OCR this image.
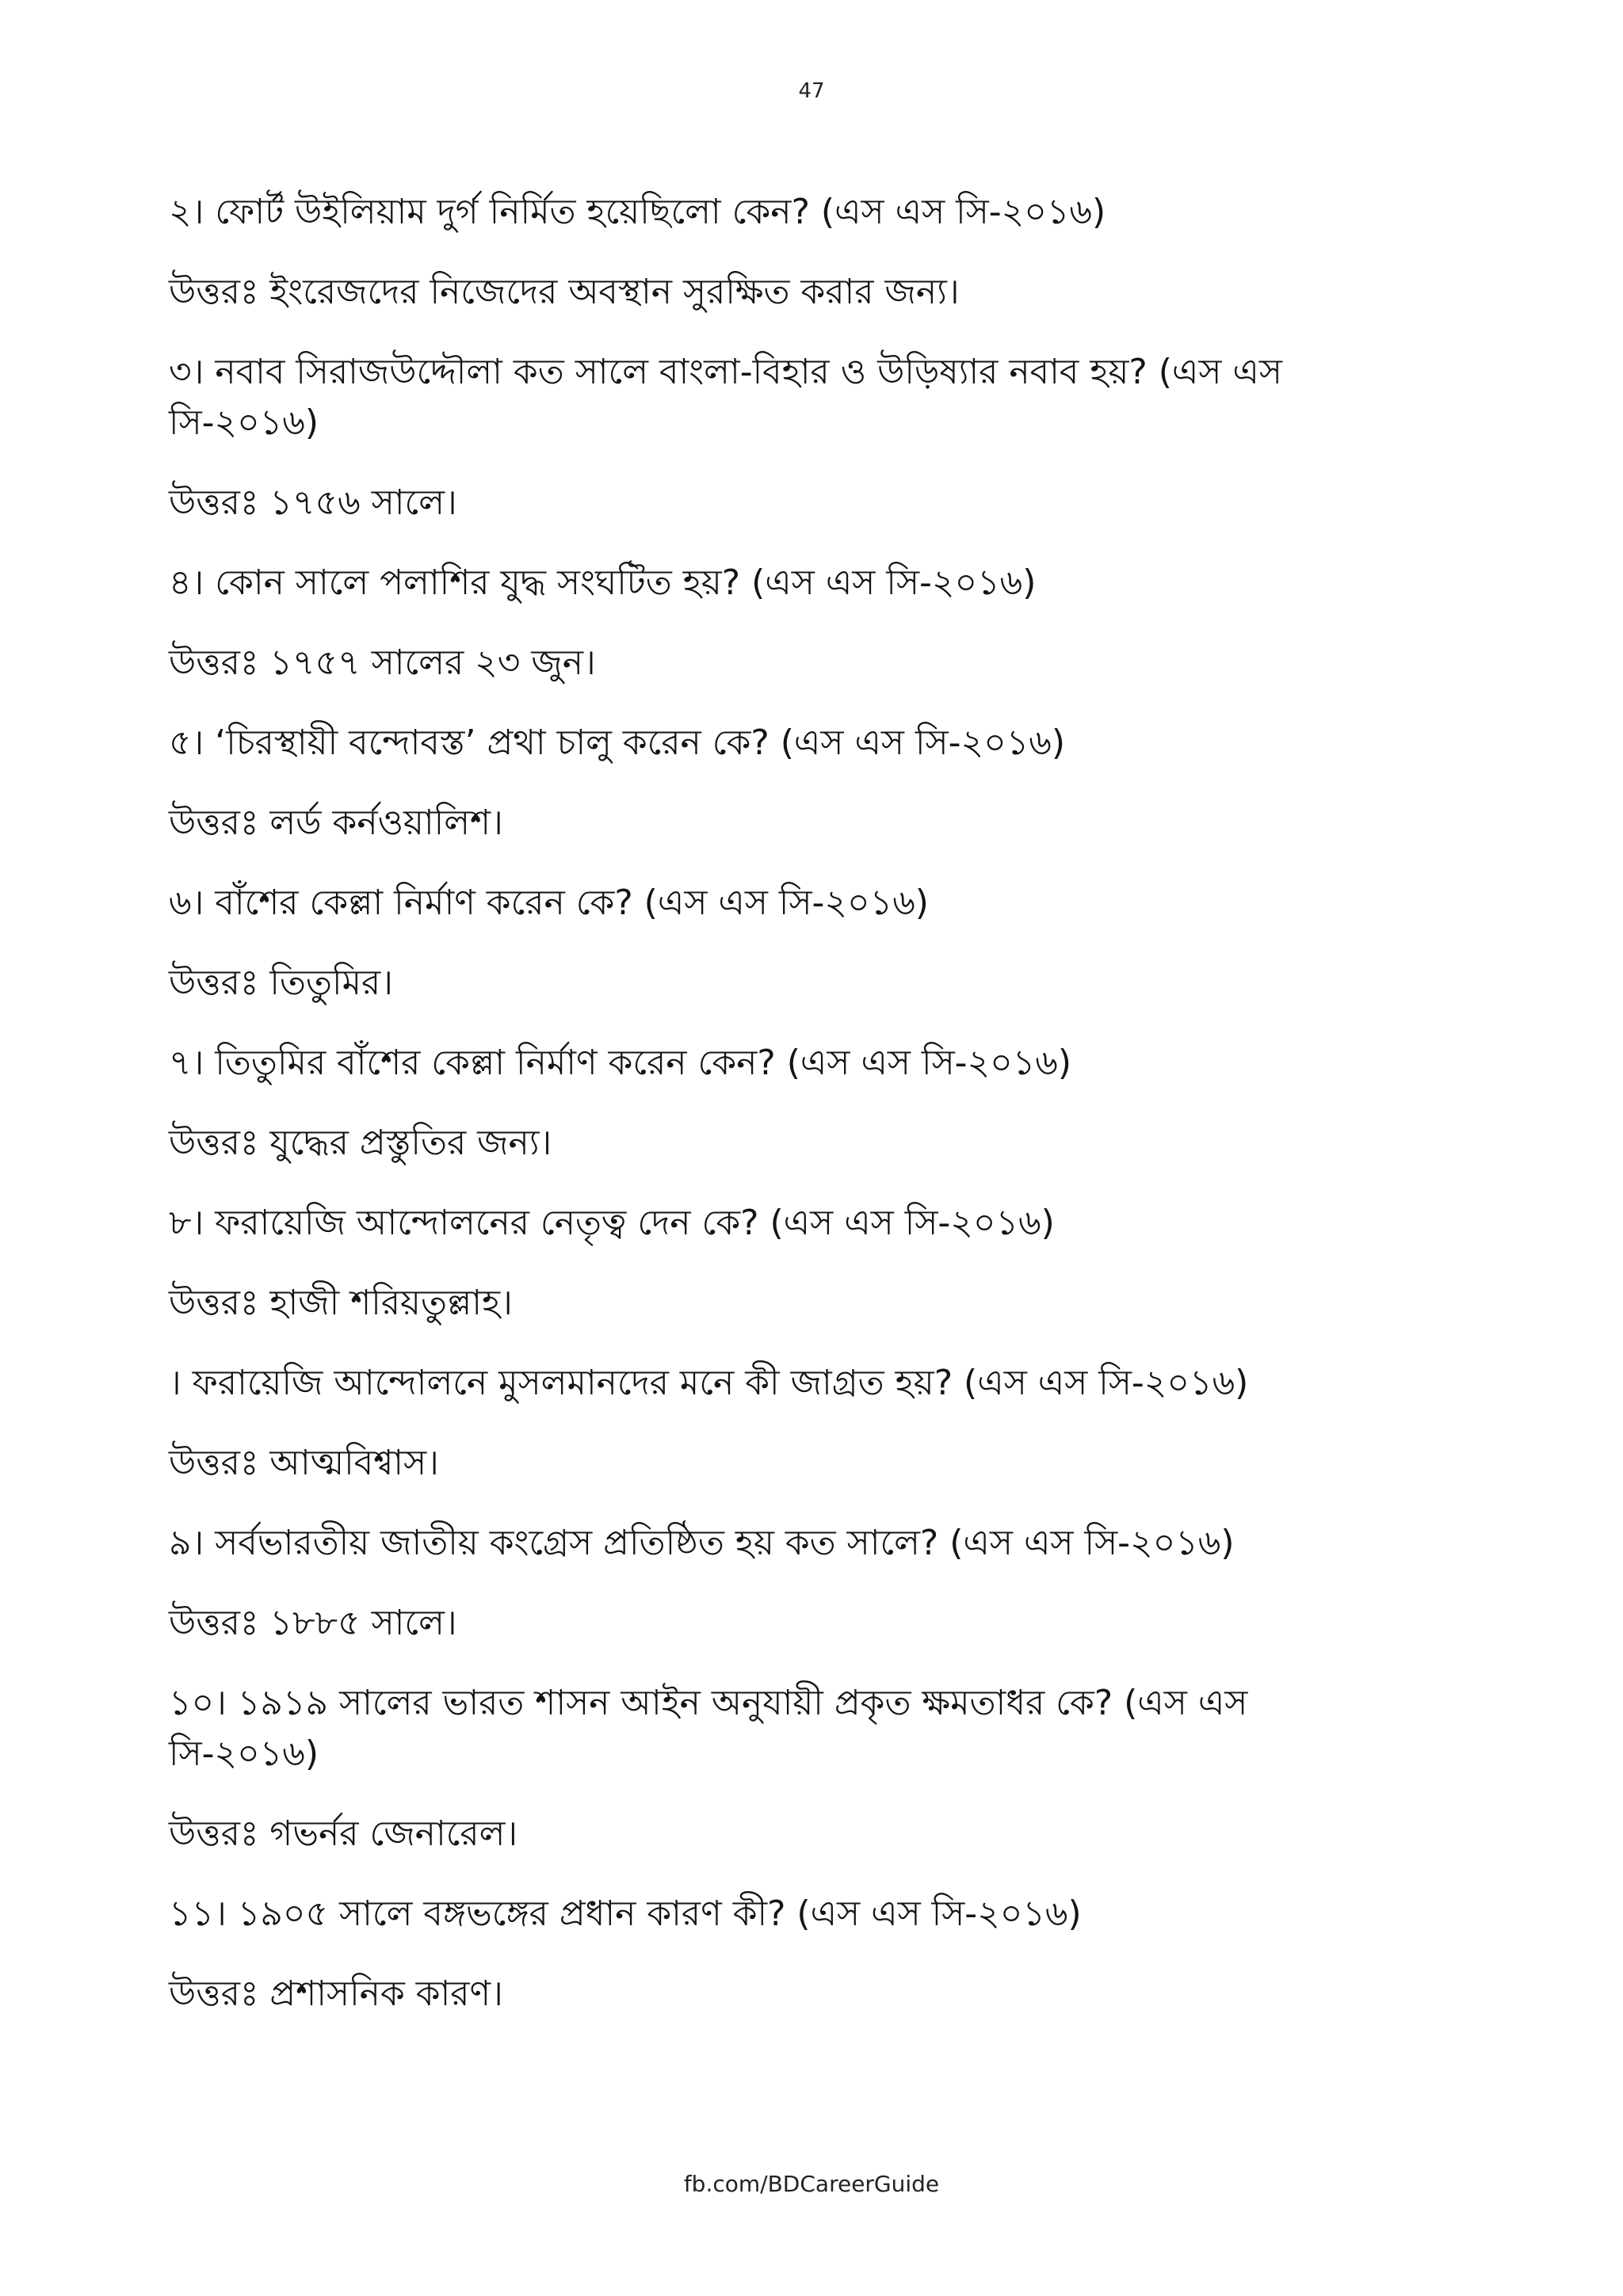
47
২। ফোর্ট উইলিয়াম দুর্গ নির্মিত হয়েছিলো কেন? (এস এস সি-২০১৬)
উত্তরঃ ইংরেজদের নিজেদের অবস্থান সুরক্ষিত করার জন্য।
৩। নবাব সিরাজউদ্দৌলা কত সালে বাংলা-বিহার ও উড়িষ্যার নবাব হয়? (এস এস সি-২০১৬)
উত্তরঃ ১৭৫৬ সালে।
৪। কোন সালে পলাশির যুদ্ধ সংঘটিত হয়? (এস এস সি-২০১৬)
উত্তরঃ ১৭৫৭ সালের ২৩ জুন।
৫। ‘চিরস্থায়ী বন্দোবস্ত’ প্রথা চালু করেন কে? (এস এস সি-২০১৬)
উত্তরঃ লর্ড কর্নওয়ালিশ।
৬। বাঁশের কেল্লা নির্মাণ করেন কে? (এস এস সি-২০১৬)
উত্তরঃ তিতুমির।
৭। তিতুমির বাঁশের কেল্লা নির্মাণ করেন কেন? (এস এস সি-২০১৬)
উত্তরঃ যুদ্ধের প্রস্তুতির জন্য।
৮। ফরায়েজি আন্দোলনের নেতৃত্ব দেন কে? (এস এস সি-২০১৬)
উত্তরঃ হাজী শরিয়তুল্লাহ।
। ফরায়েজি আন্দোলনে মুসলমানদের মনে কী জাগ্রত হয়? (এস এস সি-২০১৬)
উত্তরঃ আত্মবিশ্বাস।
৯। সর্বভারতীয় জাতীয় কংগ্রেস প্রতিষ্ঠিত হয় কত সালে? (এস এস সি-২০১৬)
উত্তরঃ ১৮৮৫ সালে।
১০। ১৯১৯ সালের ভারত শাসন আইন অনুযায়ী প্রকৃত ক্ষমতাধর কে? (এস এস সি-২০১৬)
উত্তরঃ গভর্নর জেনারেল।
১১। ১৯০৫ সালে বঙ্গভঙ্গের প্রধান কারণ কী? (এস এস সি-২০১৬)
উত্তরঃ প্রশাসনিক কারণ।
fb.com/BDCareerGuide
